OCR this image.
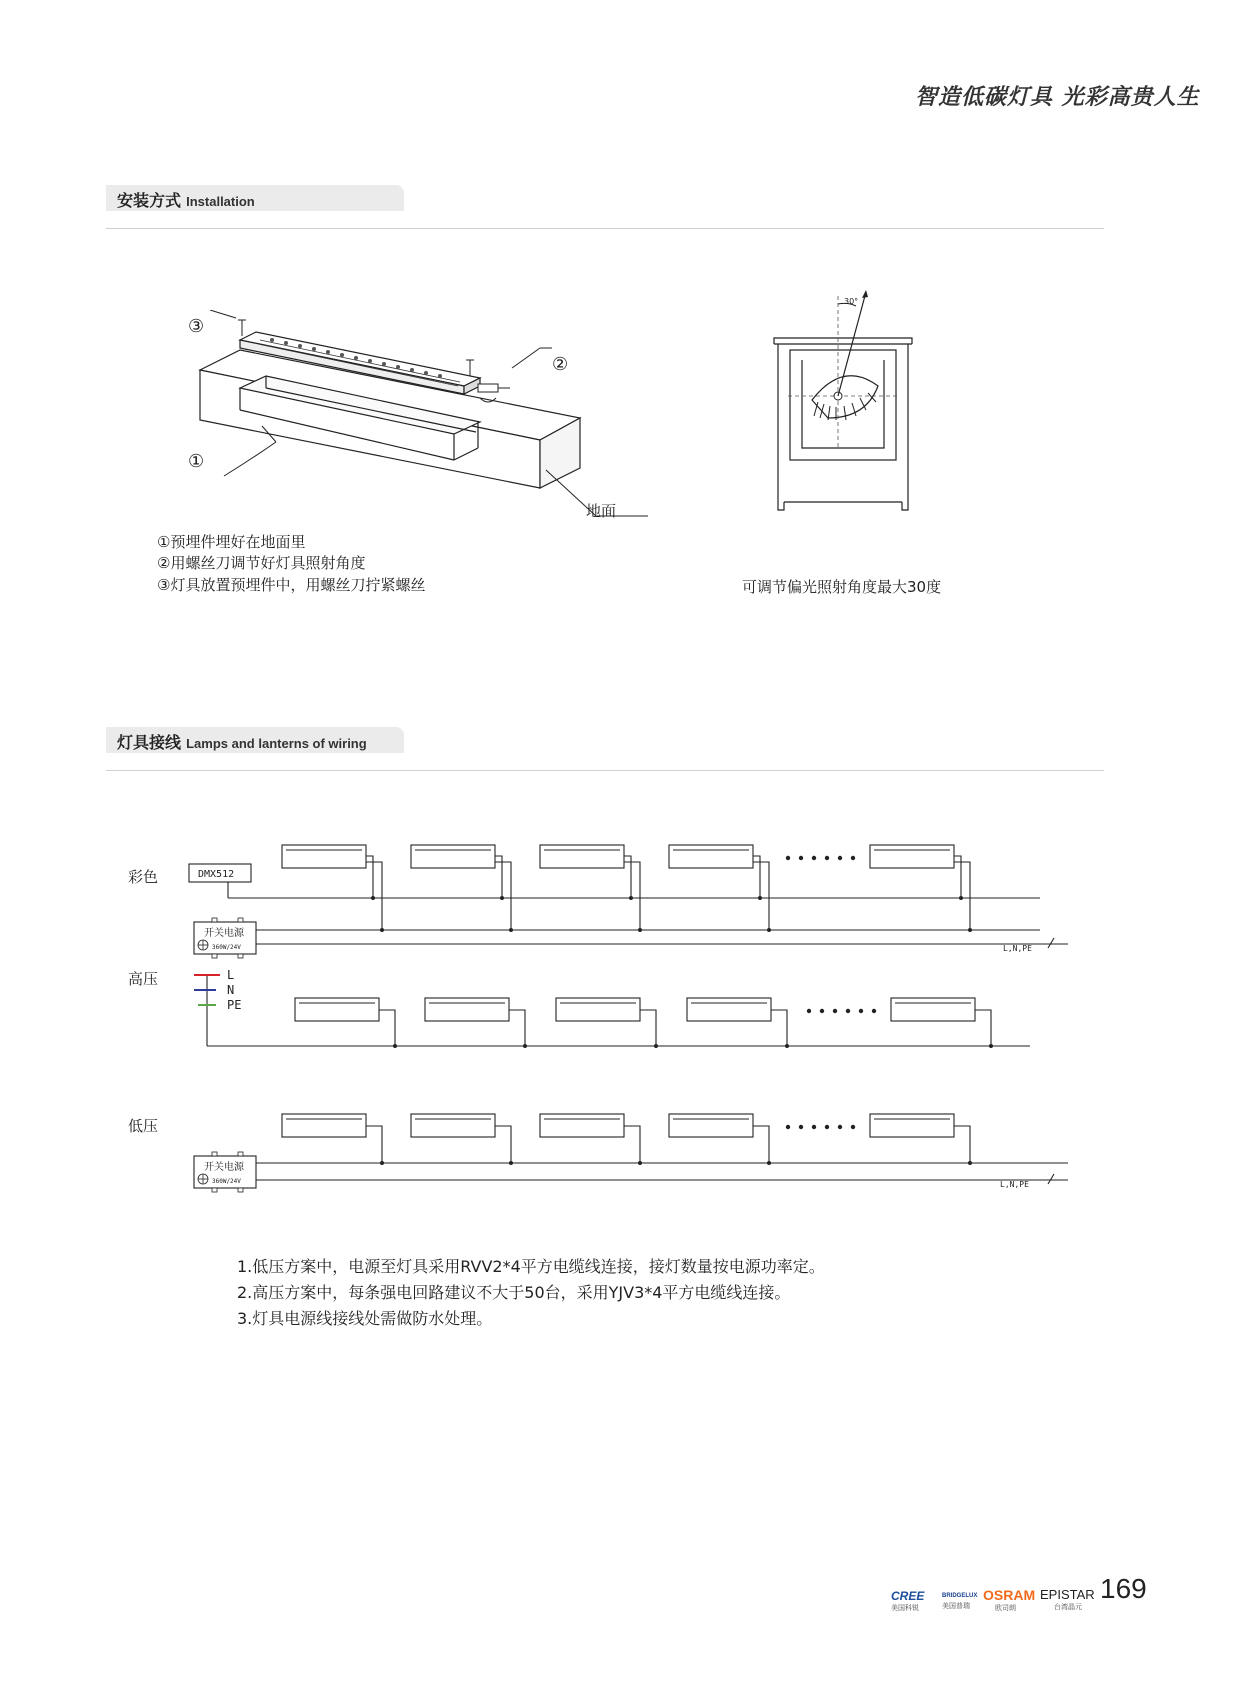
智造低碳灯具 光彩高贵人生
安装方式 Installation
③
②
①
地面
①预埋件埋好在地面里
②用螺丝刀调节好灯具照射角度
③灯具放置预埋件中，用螺丝刀拧紧螺丝
30°
可调节偏光照射角度最大30度
灯具接线 Lamps and lanterns of wiring
彩色
高压
低压
DMX512
开关电源
360W/24V
开关电源
360W/24V
L,N,PE
L,N,PE
L
N
PE
1.低压方案中，电源至灯具采用RVV2*4平方电缆线连接，接灯数量按电源功率定。
2.高压方案中，每条强电回路建议不大于50台，采用YJV3*4平方电缆线连接。
3.灯具电源线接线处需做防水处理。
CREE
美国科锐
BRIDGELUX
美国普瑞
OSRAM
欧司朗
EPISTAR
台湾晶元
169
